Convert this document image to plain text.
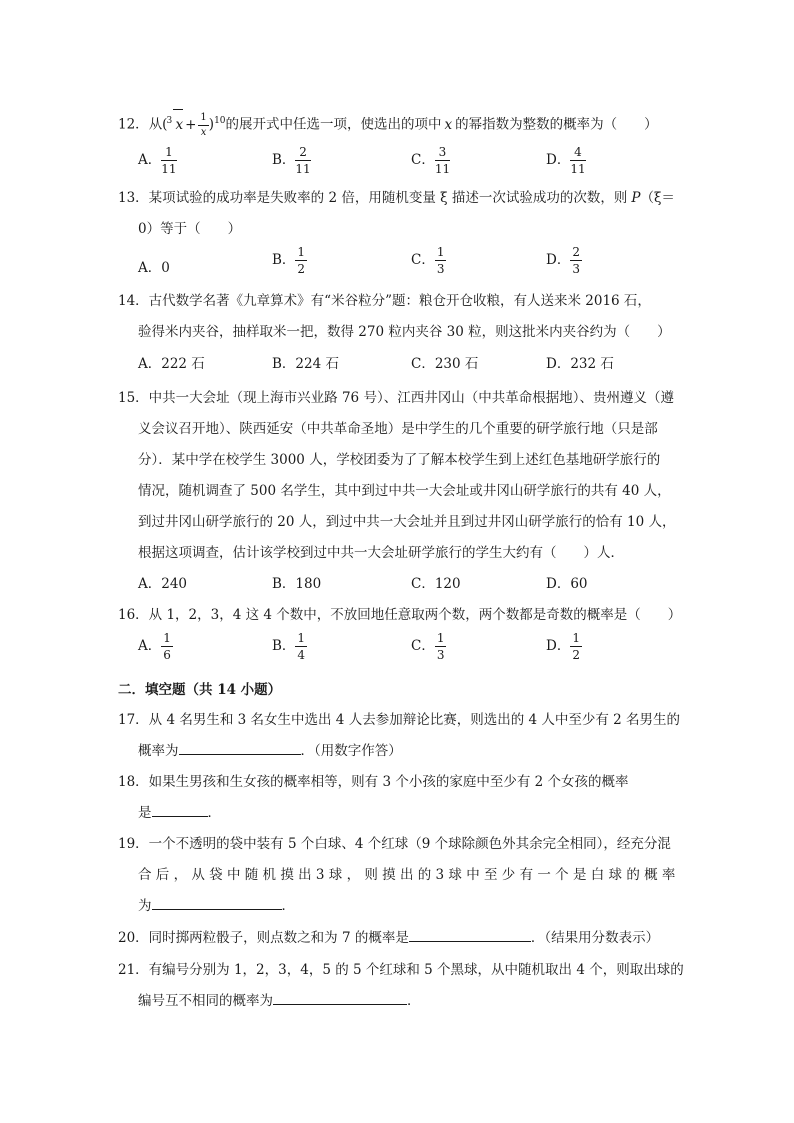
12．从( 3 $x + \frac{1}{x} )^{10}$的展开式中任选一项，使选出的项中 x 的幂指数为整数的概率为（　　）
A． $\frac{1}{11}$	B． $\frac{2}{11}$	C． $\frac{3}{11}$	D． $\frac{4}{11}$
13．某项试验的成功率是失败率的 2 倍，用随机变量 ξ 描述一次试验成功的次数，则 P（ξ＝
0）等于（　　）
A．0	B． $\frac{1}{2}$	C． $\frac{1}{3}$	D． $\frac{2}{3}$
14．古代数学名著《九章算术》有“米谷粒分”题：粮仓开仓收粮，有人送来米 2016 石，
验得米内夹谷，抽样取米一把，数得 270 粒内夹谷 30 粒，则这批米内夹谷约为（　　）
A．222 石	B．224 石	C．230 石	D．232 石
15．中共一大会址（现上海市兴业路 76 号）、江西井冈山（中共革命根据地）、贵州遵义（遵
义会议召开地）、陕西延安（中共革命圣地）是中学生的几个重要的研学旅行地（只是部
分）．某中学在校学生 3000 人，学校团委为了了解本校学生到上述红色基地研学旅行的
情况，随机调查了 500 名学生，其中到过中共一大会址或井冈山研学旅行的共有 40 人，
到过井冈山研学旅行的 20 人，到过中共一大会址并且到过井冈山研学旅行的恰有 10 人，
根据这项调查，估计该学校到过中共一大会址研学旅行的学生大约有（　　）人．
A．240	B．180	C．120	D．60
16．从 1，2，3，4 这 4 个数中，不放回地任意取两个数，两个数都是奇数的概率是（　　）
A． $\frac{1}{6}$	B． $\frac{1}{4}$	C． $\frac{1}{3}$	D． $\frac{1}{2}$
二．填空题（共 14 小题）
17．从 4 名男生和 3 名女生中选出 4 人去参加辩论比赛，则选出的 4 人中至少有 2 名男生的
概率为	．（用数字作答）
18．如果生男孩和生女孩的概率相等，则有 3 个小孩的家庭中至少有 2 个女孩的概率
是	．
19．一个不透明的袋中装有 5 个白球、4 个红球（9 个球除颜色外其余完全相同），经充分混
合 后 ， 从 袋 中 随 机 摸 出 3 球 ， 则 摸 出 的 3 球 中 至 少 有 一 个 是 白 球 的 概 率
为	．
20．同时掷两粒骰子，则点数之和为 7 的概率是	．（结果用分数表示）
21．有编号分别为 1，2，3，4，5 的 5 个红球和 5 个黑球，从中随机取出 4 个，则取出球的
编号互不相同的概率为	．
